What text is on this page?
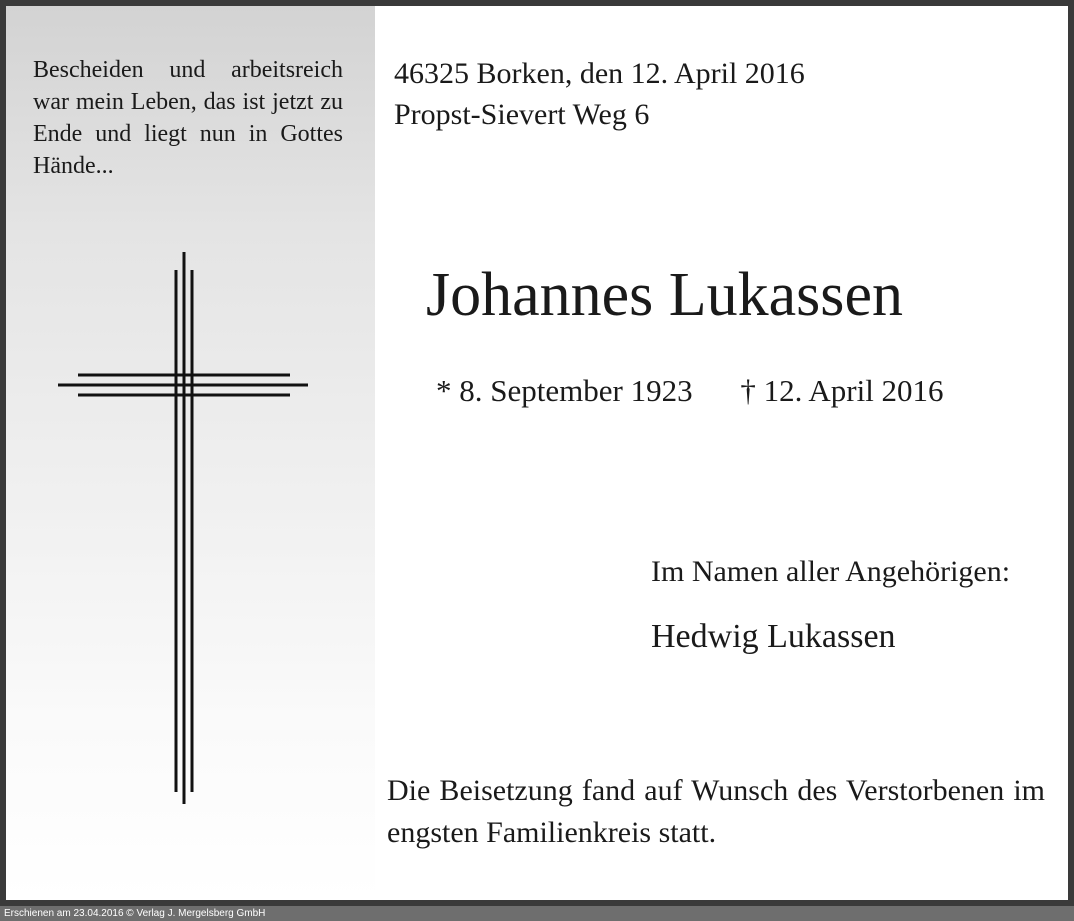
Bescheiden und arbeitsreich war mein Leben, das ist jetzt zu Ende und liegt nun in Gottes Hände...

46325 Borken, den 12. April 2016
Propst-Sievert Weg 6
Johannes Lukassen
* 8. September 1923 † 12. April 2016
Im Namen aller Angehörigen:
Hedwig Lukassen

Die Beisetzung fand auf Wunsch des Verstorbenen im engsten Familienkreis statt.

Erschienen am 23.04.2016 © Verlag J. Mergelsberg GmbH
